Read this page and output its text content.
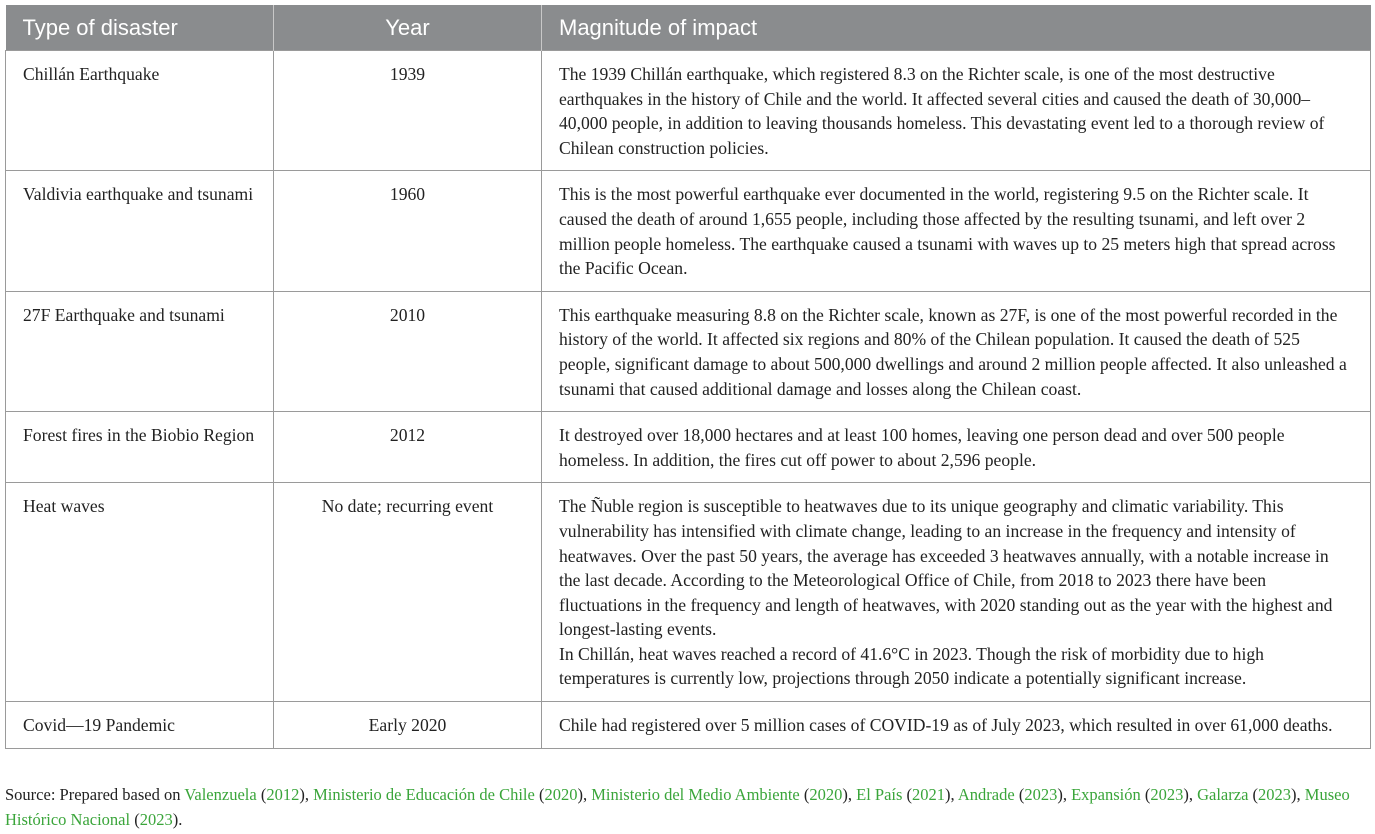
Type of disaster	Year	Magnitude of impact
Chillán Earthquake	1939	The 1939 Chillán earthquake, which registered 8.3 on the Richter scale, is one of the most destructive earthquakes in the history of Chile and the world. It affected several cities and caused the death of 30,000–40,000 people, in addition to leaving thousands homeless. This devastating event led to a thorough review of Chilean construction policies.

Valdivia earthquake and tsunami	1960	This is the most powerful earthquake ever documented in the world, registering 9.5 on the Richter scale. It caused the death of around 1,655 people, including those affected by the resulting tsunami, and left over 2 million people homeless. The earthquake caused a tsunami with waves up to 25 meters high that spread across the Pacific Ocean.

27F Earthquake and tsunami	2010	This earthquake measuring 8.8 on the Richter scale, known as 27F, is one of the most powerful recorded in the history of the world. It affected six regions and 80% of the Chilean population. It caused the death of 525 people, significant damage to about 500,000 dwellings and around 2 million people affected. It also unleashed a tsunami that caused additional damage and losses along the Chilean coast.

Forest fires in the Biobio Region	2012	It destroyed over 18,000 hectares and at least 100 homes, leaving one person dead and over 500 people homeless. In addition, the fires cut off power to about 2,596 people.

Heat waves	No date; recurring event	The Ñuble region is susceptible to heatwaves due to its unique geography and climatic variability. This vulnerability has intensified with climate change, leading to an increase in the frequency and intensity of heatwaves. Over the past 50 years, the average has exceeded 3 heatwaves annually, with a notable increase in the last decade. According to the Meteorological Office of Chile, from 2018 to 2023 there have been fluctuations in the frequency and length of heatwaves, with 2020 standing out as the year with the highest and longest-lasting events.
In Chillán, heat waves reached a record of 41.6°C in 2023. Though the risk of morbidity due to high temperatures is currently low, projections through 2050 indicate a potentially significant increase.

Covid—19 Pandemic	Early 2020	Chile had registered over 5 million cases of COVID-19 as of July 2023, which resulted in over 61,000 deaths.
Source: Prepared based on Valenzuela (2012), Ministerio de Educación de Chile (2020), Ministerio del Medio Ambiente (2020), El País (2021), Andrade (2023), Expansión (2023), Galarza (2023), Museo Histórico Nacional (2023).
